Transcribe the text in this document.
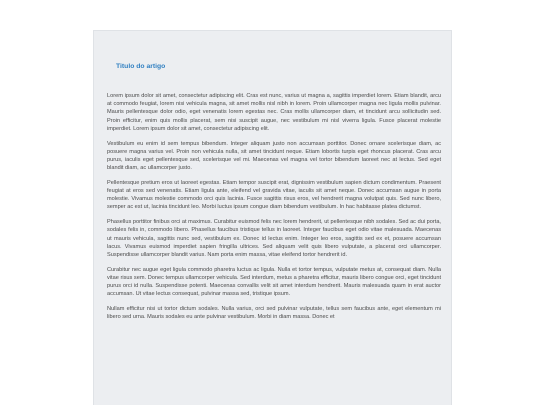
Titulo do artigo

Lorem ipsum dolor sit amet, consectetur adipiscing elit. Cras est nunc, varius ut magna a, sagittis imperdiet lorem. Etiam blandit, arcu at commodo feugiat, lorem nisi vehicula magna, sit amet mollis nisl nibh in lorem. Proin ullamcorper magna nec ligula mollis pulvinar. Mauris pellentesque dolor odio, eget venenatis lorem egestas nec. Cras mollis ullamcorper diam, et tincidunt arcu sollicitudin sed. Proin efficitur, enim quis mollis placerat, sem nisi suscipit augue, nec vestibulum mi nisl viverra ligula. Fusce placerat molestie imperdiet. Lorem ipsum dolor sit amet, consectetur adipiscing elit.

Vestibulum eu enim id sem tempus bibendum. Integer aliquam justo non accumsan porttitor. Donec ornare scelerisque diam, ac posuere magna varius vel. Proin non vehicula nulla, sit amet tincidunt neque. Etiam lobortis turpis eget rhoncus placerat. Cras arcu purus, iaculis eget pellentesque sed, scelerisque vel mi. Maecenas vel magna vel tortor bibendum laoreet nec at lectus. Sed eget blandit diam, ac ullamcorper justo.

Pellentesque pretium eros ut laoreet egestas. Etiam tempor suscipit erat, dignissim vestibulum sapien dictum condimentum. Praesent feugiat at eros sed venenatis. Etiam ligula ante, eleifend vel gravida vitae, iaculis sit amet neque. Donec accumsan augue in porta molestie. Vivamus molestie commodo orci quis lacinia. Fusce sagittis risus eros, vel hendrerit magna volutpat quis. Sed nunc libero, semper ac est ut, lacinia tincidunt leo. Morbi luctus ipsum congue diam bibendum vestibulum. In hac habitasse platea dictumst.

Phasellus porttitor finibus orci at maximus. Curabitur euismod felis nec lorem hendrerit, ut pellentesque nibh sodales. Sed ac dui porta, sodales felis in, commodo libero. Phasellus faucibus tristique tellus in laoreet. Integer faucibus eget odio vitae malesuada. Maecenas ut mauris vehicula, sagittis nunc sed, vestibulum ex. Donec id lectus enim. Integer leo eros, sagittis sed ex et, posuere accumsan lacus. Vivamus euismod imperdiet sapien fringilla ultrices. Sed aliquam velit quis libero vulputate, a placerat orci ullamcorper. Suspendisse ullamcorper blandit varius. Nam porta enim massa, vitae eleifend tortor hendrerit id.

Curabitur nec augue eget ligula commodo pharetra luctus ac ligula. Nulla et tortor tempus, vulputate metus at, consequat diam. Nulla vitae risus sem. Donec tempus ullamcorper vehicula. Sed interdum, metus a pharetra efficitur, mauris libero congue orci, eget tincidunt purus orci id nulla. Suspendisse potenti. Maecenas convallis velit sit amet interdum hendrerit. Mauris malesuada quam in erat auctor accumsan. Ut vitae lectus consequat, pulvinar massa sed, tristique ipsum.

Nullam efficitur nisi ut tortor dictum sodales. Nulla varius, orci sed pulvinar vulputate, tellus sem faucibus ante, eget elementum mi libero sed urna. Mauris sodales eu ante pulvinar vestibulum. Morbi in diam massa. Donec et
